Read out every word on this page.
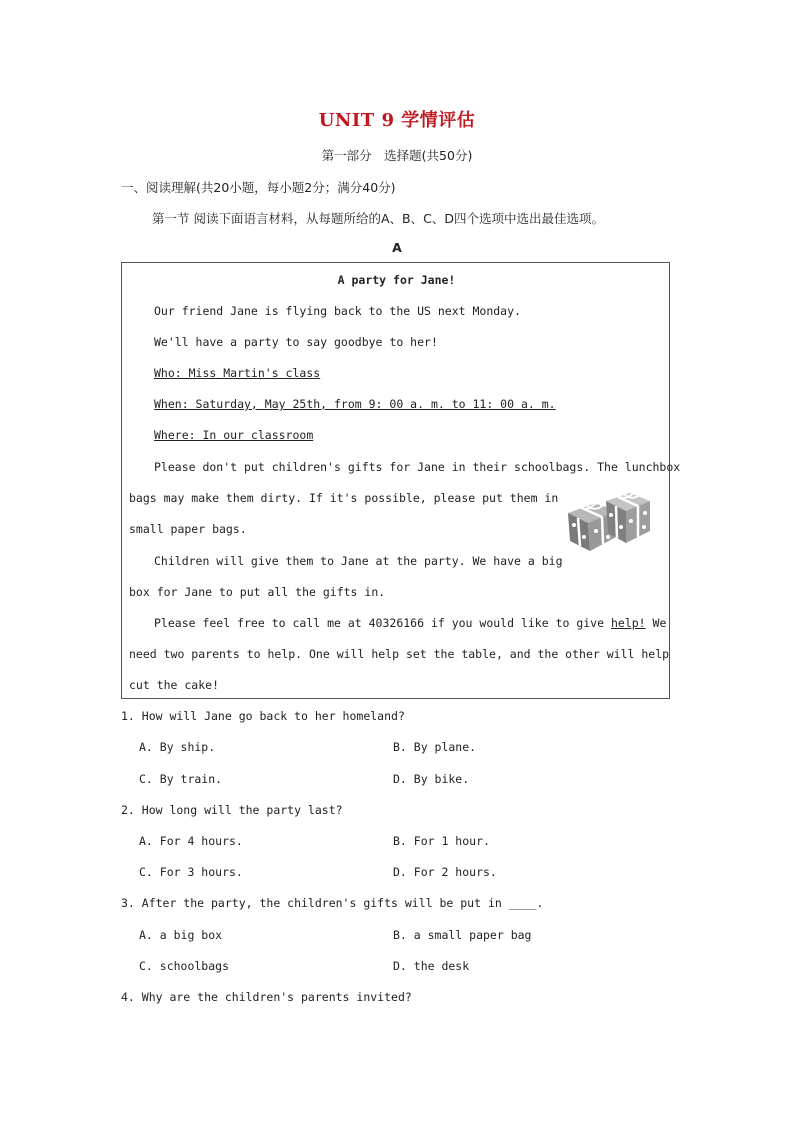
UNIT 9 学情评估
第一部分　选择题(共50分)
一、阅读理解(共20小题，每小题2分；满分40分)
第一节 阅读下面语言材料，从每题所给的A、B、C、D四个选项中选出最佳选项。
A
A party for Jane!
Our friend Jane is flying back to the US next Monday.
We'll have a party to say goodbye to her!
Who: Miss Martin's class
When: Saturday, May 25th, from 9: 00 a. m. to 11: 00 a. m.
Where: In our classroom
Please don't put children's gifts for Jane in their schoolbags. The lunchbox
bags may make them dirty. If it's possible, please put them in
small paper bags.
Children will give them to Jane at the party. We have a big
box for Jane to put all the gifts in.
Please feel free to call me at 40326166 if you would like to give help! We
need two parents to help. One will help set the table, and the other will help
cut the cake!
1. How will Jane go back to her homeland?
A. By ship.	B. By plane.
C. By train.	D. By bike.
2. How long will the party last?
A. For 4 hours.	B. For 1 hour.
C. For 3 hours.	D. For 2 hours.
3. After the party, the children's gifts will be put in ____.
A. a big box	B. a small paper bag
C. schoolbags	D. the desk
4. Why are the children's parents invited?
